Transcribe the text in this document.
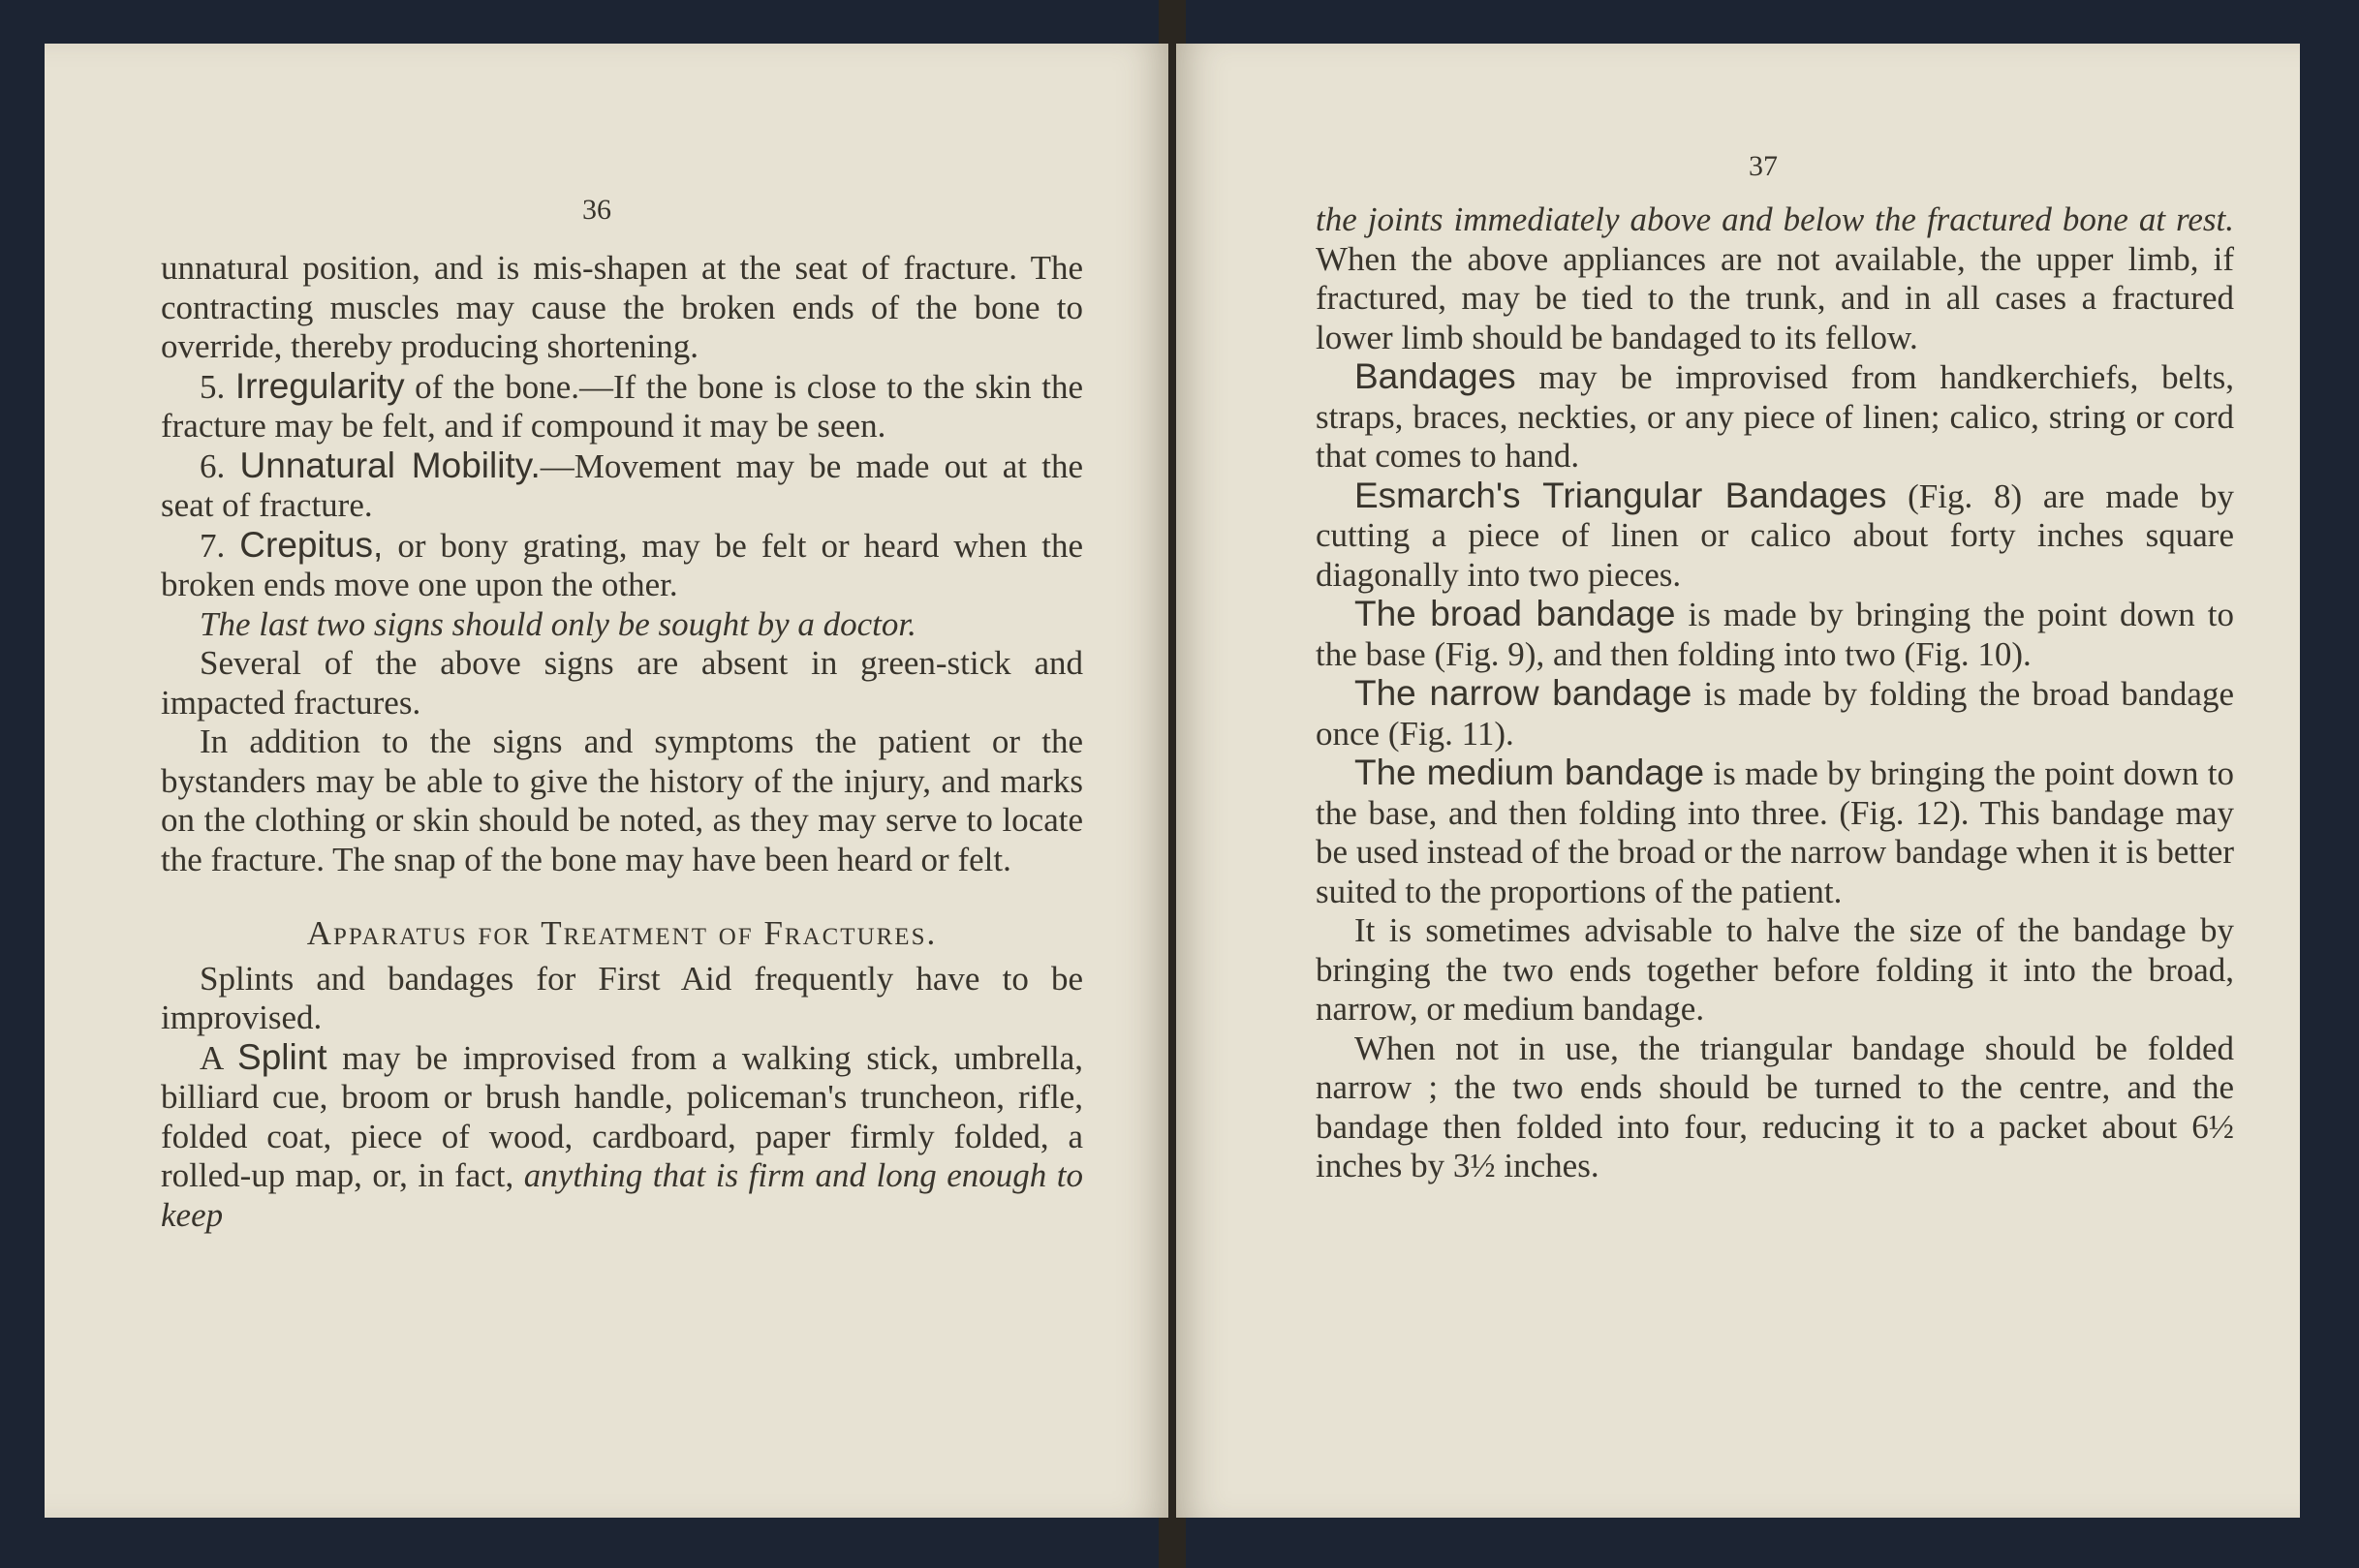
36

unnatural position, and is mis-shapen at the seat of fracture. The contracting muscles may cause the broken ends of the bone to override, thereby producing shortening.

5. Irregularity of the bone.—If the bone is close to the skin the fracture may be felt, and if compound it may be seen.

6. Unnatural Mobility.—Movement may be made out at the seat of fracture.

7. Crepitus, or bony grating, may be felt or heard when the broken ends move one upon the other.

The last two signs should only be sought by a doctor.

Several of the above signs are absent in green-stick and impacted fractures.

In addition to the signs and symptoms the patient or the bystanders may be able to give the history of the injury, and marks on the clothing or skin should be noted, as they may serve to locate the fracture. The snap of the bone may have been heard or felt.

Apparatus for Treatment of Fractures.

Splints and bandages for First Aid frequently have to be improvised.

A Splint may be improvised from a walking stick, umbrella, billiard cue, broom or brush handle, policeman's truncheon, rifle, folded coat, piece of wood, cardboard, paper firmly folded, a rolled-up map, or, in fact, anything that is firm and long enough to keep

37

the joints immediately above and below the fractured bone at rest. When the above appliances are not available, the upper limb, if fractured, may be tied to the trunk, and in all cases a fractured lower limb should be bandaged to its fellow.

Bandages may be improvised from handkerchiefs, belts, straps, braces, neckties, or any piece of linen; calico, string or cord that comes to hand.

Esmarch's Triangular Bandages (Fig. 8) are made by cutting a piece of linen or calico about forty inches square diagonally into two pieces.

The broad bandage is made by bringing the point down to the base (Fig. 9), and then folding into two (Fig. 10).

The narrow bandage is made by folding the broad bandage once (Fig. 11).

The medium bandage is made by bringing the point down to the base, and then folding into three. (Fig. 12). This bandage may be used instead of the broad or the narrow bandage when it is better suited to the proportions of the patient.

It is sometimes advisable to halve the size of the bandage by bringing the two ends together before folding it into the broad, narrow, or medium bandage.

When not in use, the triangular bandage should be folded narrow ; the two ends should be turned to the centre, and the bandage then folded into four, reducing it to a packet about 6½ inches by 3½ inches.
